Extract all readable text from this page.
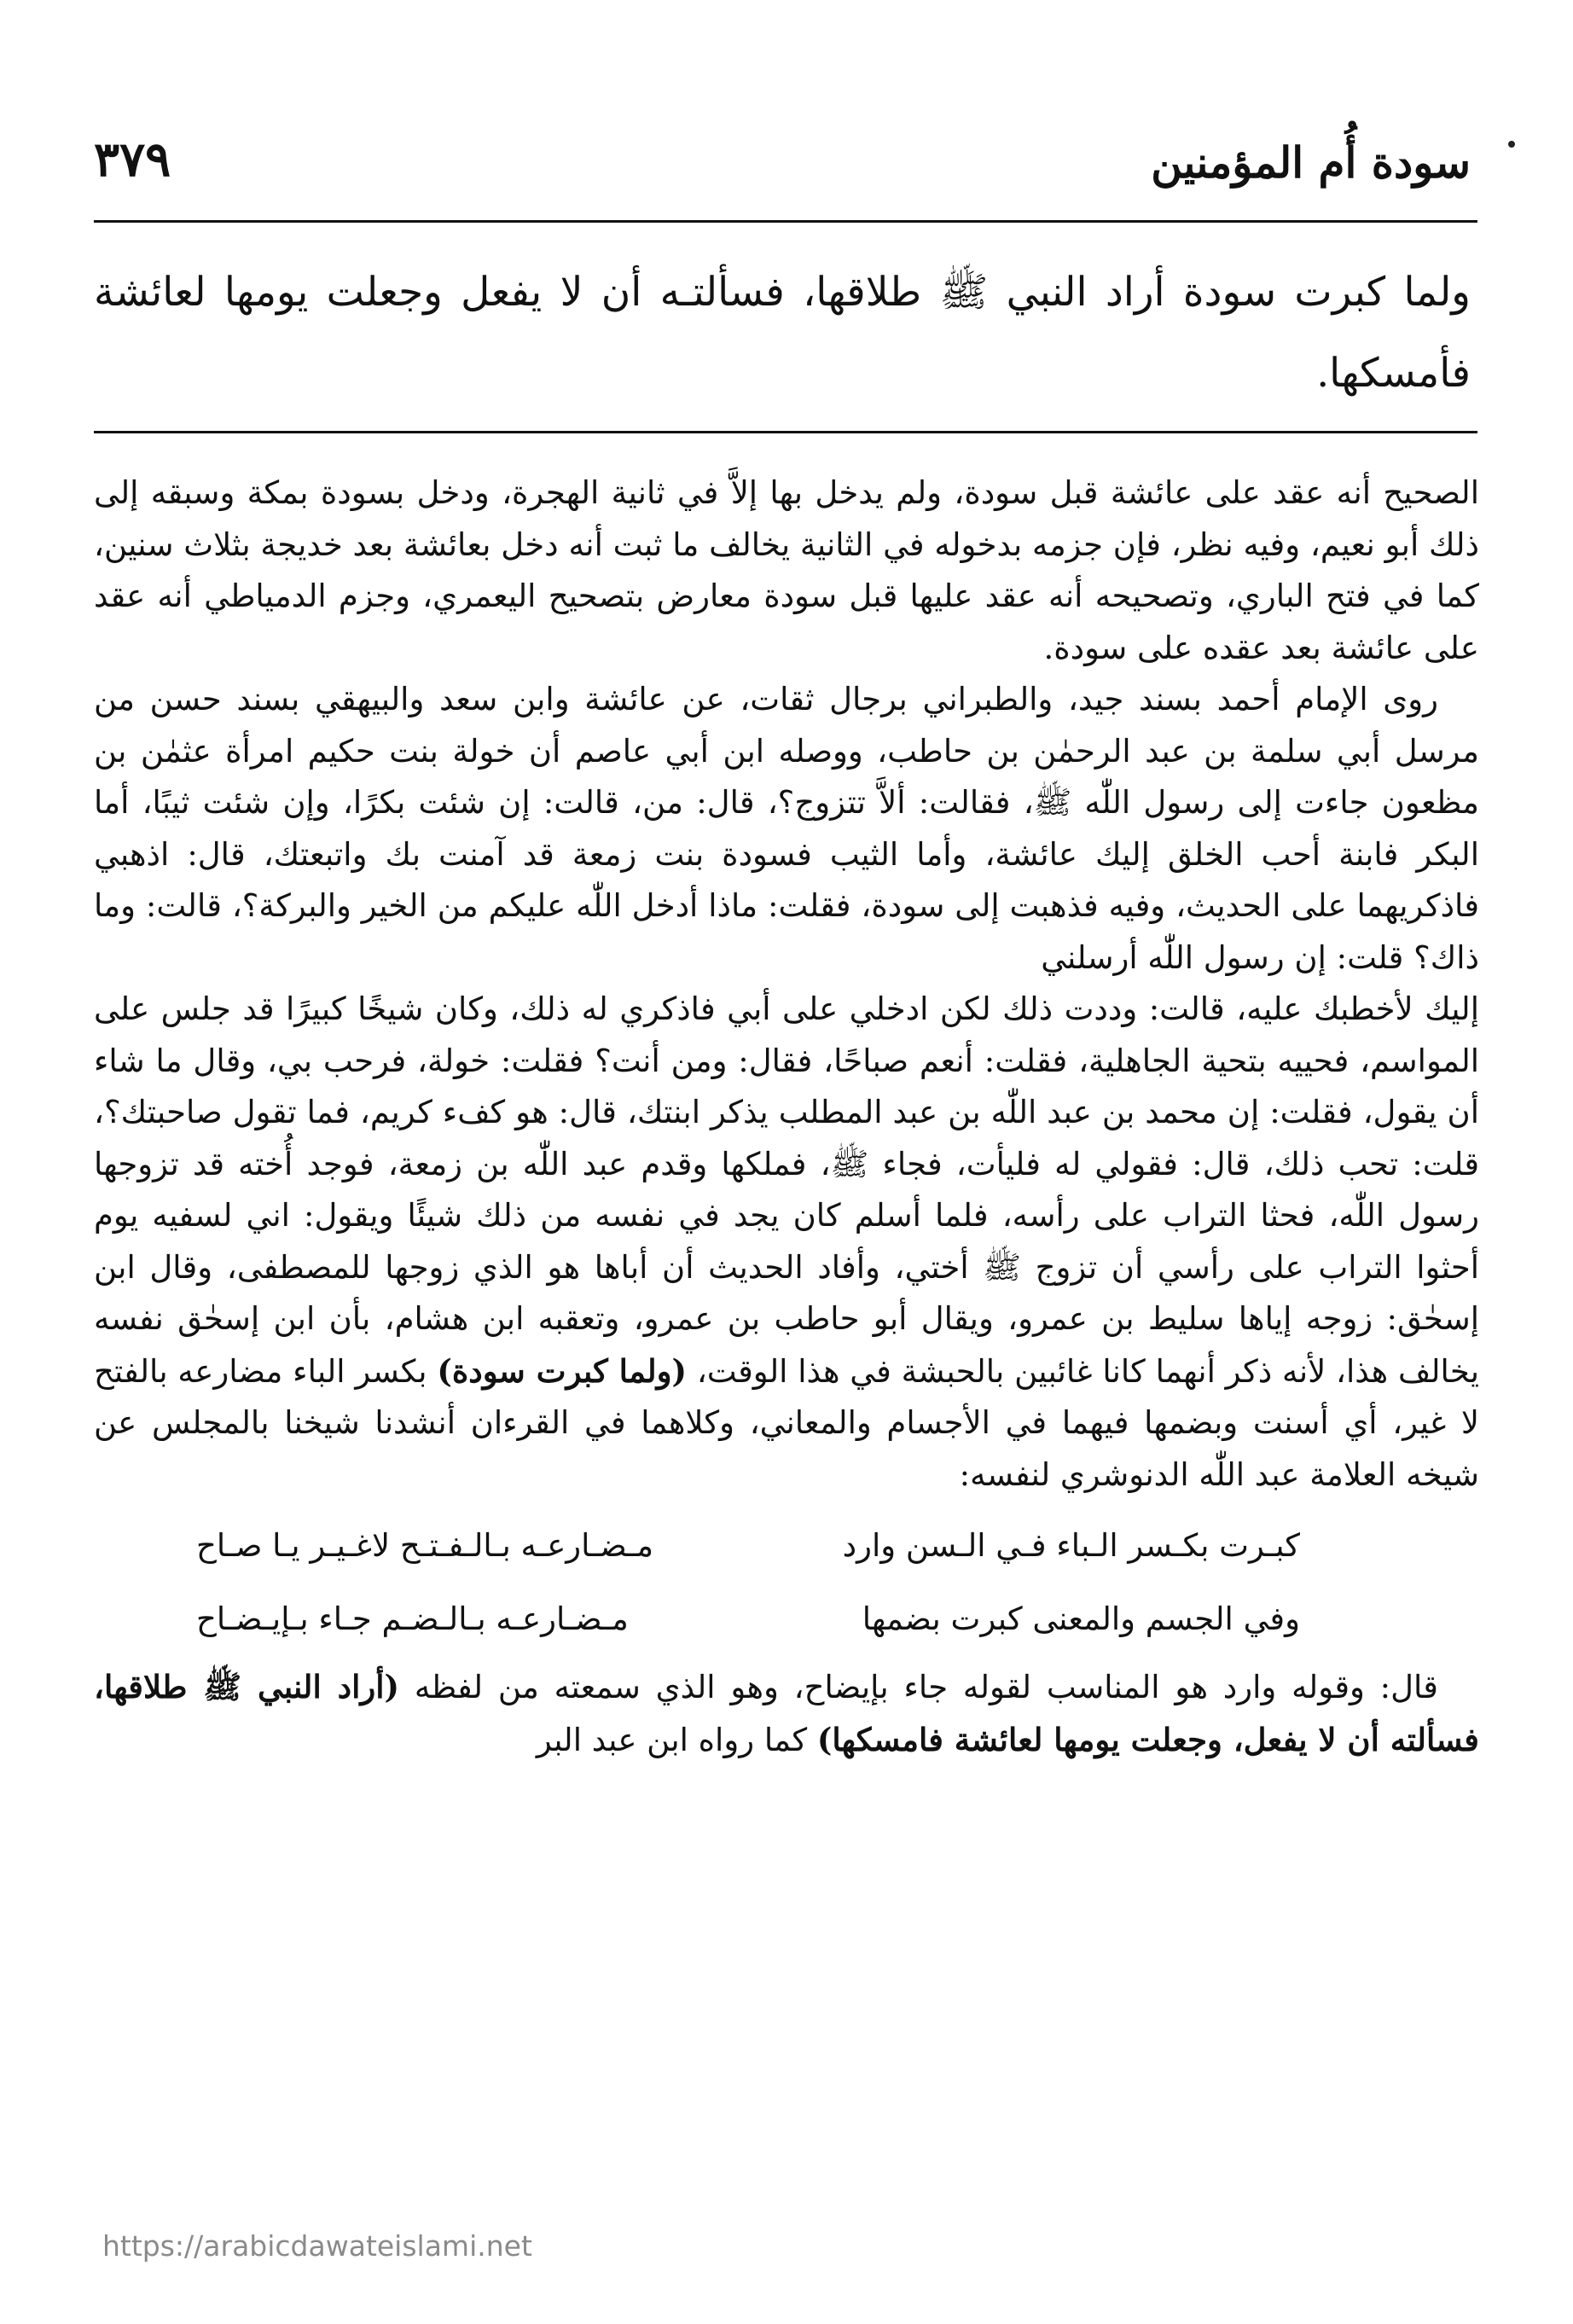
سودة أُم المؤمنين
٣٧٩
ولما كبرت سودة أراد النبي ﷺ طلاقها، فسألتـه أن لا يفعل وجعلت يومها لعائشة فأمسكها.

الصحيح أنه عقد على عائشة قبل سودة، ولم يدخل بها إلاَّ في ثانية الهجرة، ودخل بسودة بمكة وسبقه إلى ذلك أبو نعيم، وفيه نظر، فإن جزمه بدخوله في الثانية يخالف ما ثبت أنه دخل بعائشة بعد خديجة بثلاث سنين، كما في فتح الباري، وتصحيحه أنه عقد عليها قبل سودة معارض بتصحيح اليعمري، وجزم الدمياطي أنه عقد على عائشة بعد عقده على سودة.

روى الإمام أحمد بسند جيد، والطبراني برجال ثقات، عن عائشة وابن سعد والبيهقي بسند حسن من مرسل أبي سلمة بن عبد الرحمٰن بن حاطب، ووصله ابن أبي عاصم أن خولة بنت حكيم امرأة عثمٰن بن مظعون جاءت إلى رسول اللّٰه ﷺ، فقالت: ألاَّ تتزوج؟، قال: من، قالت: إن شئت بكرًا، وإن شئت ثيبًا، أما البكر فابنة أحب الخلق إليك عائشة، وأما الثيب فسودة بنت زمعة قد آمنت بك واتبعتك، قال: اذهبي فاذكريهما على الحديث، وفيه فذهبت إلى سودة، فقلت: ماذا أدخل اللّٰه عليكم من الخير والبركة؟، قالت: وما ذاك؟ قلت: إن رسول اللّٰه أرسلني

إليك لأخطبك عليه، قالت: وددت ذلك لكن ادخلي على أبي فاذكري له ذلك، وكان شيخًا كبيرًا قد جلس على المواسم، فحييه بتحية الجاهلية، فقلت: أنعم صباحًا، فقال: ومن أنت؟ فقلت: خولة، فرحب بي، وقال ما شاء أن يقول، فقلت: إن محمد بن عبد اللّٰه بن عبد المطلب يذكر ابنتك، قال: هو كفء كريم، فما تقول صاحبتك؟، قلت: تحب ذلك، قال: فقولي له فليأت، فجاء ﷺ، فملكها وقدم عبد اللّٰه بن زمعة، فوجد أُخته قد تزوجها رسول اللّٰه، فحثا التراب على رأسه، فلما أسلم كان يجد في نفسه من ذلك شيئًا ويقول: اني لسفيه يوم أحثوا التراب على رأسي أن تزوج ﷺ أختي، وأفاد الحديث أن أباها هو الذي زوجها للمصطفى، وقال ابن إسحٰق: زوجه إياها سليط بن عمرو، ويقال أبو حاطب بن عمرو، وتعقبه ابن هشام، بأن ابن إسحٰق نفسه يخالف هذا، لأنه ذكر أنهما كانا غائبين بالحبشة في هذا الوقت، (ولما كبرت سودة) بكسر الباء مضارعه بالفتح لا غير، أي أسنت وبضمها فيهما في الأجسام والمعاني، وكلاهما في القرءان أنشدنا شيخنا بالمجلس عن شيخه العلامة عبد اللّٰه الدنوشري لنفسه:

كبـرت بكـسر الـباء فـي الـسن وارد
مـضـارعـه بـالـفـتـح لاغـيـر يـا صـاح
وفي الجسم والمعنى كبرت بضمها
مـضـارعـه بـالـضـم جـاء بـإيـضـاح

قال: وقوله وارد هو المناسب لقوله جاء بإيضاح، وهو الذي سمعته من لفظه (أراد النبي ﷺ طلاقها، فسألته أن لا يفعل، وجعلت يومها لعائشة فامسكها) كما رواه ابن عبد البر

https://arabicdawateislami.net
